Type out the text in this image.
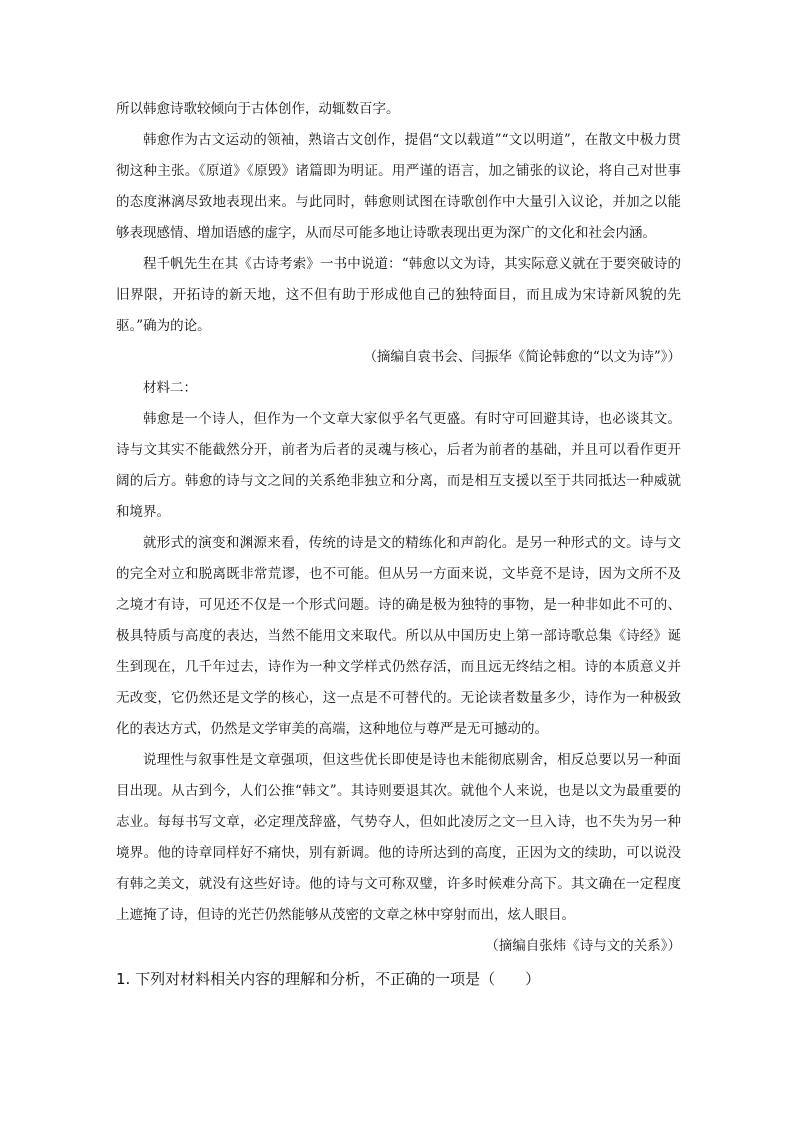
所以韩愈诗歌较倾向于古体创作，动辄数百字。

韩愈作为古文运动的领袖，熟谙古文创作，提倡“文以载道”“文以明道”，在散文中极力贯彻这种主张。《原道》《原毁》诸篇即为明证。用严谨的语言，加之铺张的议论，将自己对世事的态度淋漓尽致地表现出来。与此同时，韩愈则试图在诗歌创作中大量引入议论，并加之以能够表现感情、增加语感的虚字，从而尽可能多地让诗歌表现出更为深广的文化和社会内涵。

程千帆先生在其《古诗考索》一书中说道：“韩愈以文为诗，其实际意义就在于要突破诗的旧界限，开拓诗的新天地，这不但有助于形成他自己的独特面目，而且成为宋诗新风貌的先驱。”确为的论。

（摘编自袁书会、闫振华《简论韩愈的“以文为诗”》）

材料二：

韩愈是一个诗人，但作为一个文章大家似乎名气更盛。有时守可回避其诗，也必谈其文。诗与文其实不能截然分开，前者为后者的灵魂与核心，后者为前者的基础，并且可以看作更开阔的后方。韩愈的诗与文之间的关系绝非独立和分离，而是相互支援以至于共同抵达一种威就和境界。

就形式的演变和渊源来看，传统的诗是文的精练化和声韵化。是另一种形式的文。诗与文的完全对立和脱离既非常荒谬，也不可能。但从另一方面来说，文毕竟不是诗，因为文所不及之境才有诗，可见还不仅是一个形式问题。诗的确是极为独特的事物，是一种非如此不可的、极具特质与高度的表达，当然不能用文来取代。所以从中国历史上第一部诗歌总集《诗经》诞生到现在，几千年过去，诗作为一种文学样式仍然存活，而且远无终结之相。诗的本质意义并无改变，它仍然还是文学的核心，这一点是不可替代的。无论读者数量多少，诗作为一种极致化的表达方式，仍然是文学审美的高端，这种地位与尊严是无可撼动的。

说理性与叙事性是文章强项，但这些优长即使是诗也未能彻底剔舍，相反总要以另一种面目出现。从古到今，人们公推“韩文”。其诗则要退其次。就他个人来说，也是以文为最重要的志业。每每书写文章，必定理茂辞盛，气势夺人，但如此凌厉之文一旦入诗，也不失为另一种境界。他的诗章同样好不痛快，别有新调。他的诗所达到的高度，正因为文的续助，可以说没有韩之美文，就没有这些好诗。他的诗与文可称双璧，许多时候难分高下。其文确在一定程度上遮掩了诗，但诗的光芒仍然能够从茂密的文章之林中穿射而出，炫人眼目。

（摘编自张炜《诗与文的关系》）

1. 下列对材料相关内容的理解和分析，不正确的一项是（　　）
